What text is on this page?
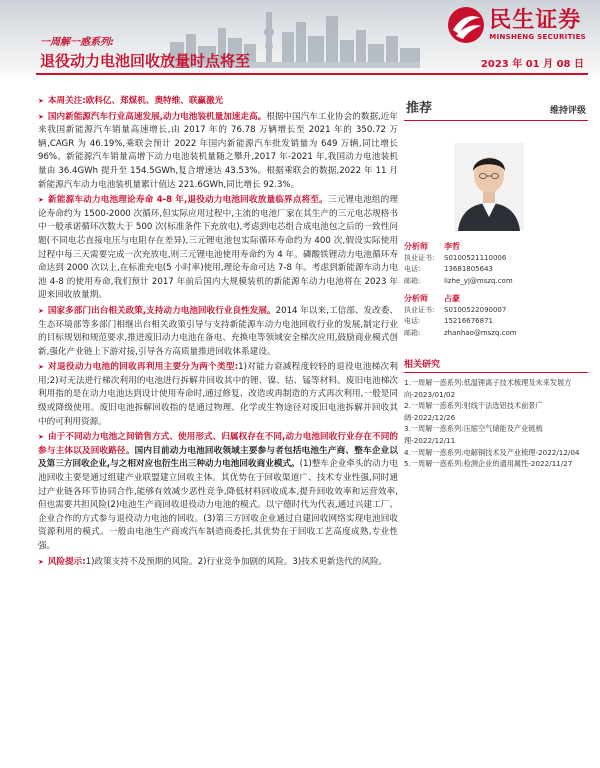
民生证券
MINSHENG SECURITIES
一周解一惑系列:
退役动力电池回收放量时点将至	2023 年 01 月 08 日
➤ 本周关注:欧科亿、郑煤机、奥特维、联赢激光
➤ 国内新能源汽车行业高速发展,动力电池装机量加速走高。根据中国汽车工业协会的数据,近年来我国新能源汽车销量高速增长,由 2017 年的 76.78 万辆增长至 2021 年的 350.72 万辆,CAGR 为 46.19%,乘联会预计 2022 年国内新能源汽车批发销量为 649 万辆,同比增长 96%。新能源汽车销量高增下动力电池装机量随之攀升,2017 年-2021 年,我国动力电池装机量由 36.4GWh 提升至 154.5GWh,复合增速达 43.53%。根据乘联会的数据,2022 年 11 月新能源汽车动力电池装机量累计值达 221.6GWh,同比增长 92.3%。
➤ 新能源车动力电池理论寿命 4-8 年,退役动力电池回收放量临界点将至。三元锂电池组的理论寿命约为 1500-2000 次循环,但实际应用过程中,主流的电池厂家在其生产的三元电芯规格书中一般承诺循环次数大于 500 次(标准条件下充放电),考虑到电芯组合成电池包之后的一致性问题(不同电芯直接电压与电阻存在差异),三元锂电池包实际循环寿命约为 400 次,假设实际使用过程中每三天需要完成一次充放电,则三元锂电池使用寿命约为 4 年。磷酸铁锂动力电池循环寿命达到 2000 次以上,在标准充电(5 小时率)使用,理论寿命可达 7-8 年。考虑到新能源车动力电池 4-8 的使用寿命,我们预计 2017 年前后国内大规模装机的新能源车动力电池将在 2023 年迎来回收放量期。
➤ 国家多部门出台相关政策,支持动力电池回收行业良性发展。2014 年以来,工信部、发改委、生态环境部等多部门相继出台相关政策引导与支持新能源车动力电池回收行业的发展,制定行业的目标规划和规范要求,推进废旧动力电池在备电、充换电等领域安全梯次应用,鼓励商业模式创新,强化产业链上下游对接,引导各方高质量推进回收体系建设。
➤ 对退役动力电池的回收再利用主要分为两个类型:1)对能力衰减程度较轻的退役电池梯次利用;2)对无法进行梯次利用的电池进行拆解并回收其中的锂、镍、钴、锰等材料。废旧电池梯次利用指的是在动力电池达到设计使用寿命时,通过修复、改造或再制造的方式再次利用,一般是同级或降级使用。废旧电池拆解回收指的是通过物理、化学或生物途径对废旧电池拆解并回收其中的可利用资源。
➤ 由于不同动力电池之间销售方式、使用形式、归属权存在不同,动力电池回收行业存在不同的参与主体以及回收路径。国内目前动力电池回收领域主要参与者包括电池生产商、整车企业以及第三方回收企业,与之相对应也衍生出三种动力电池回收商业模式。(1)整车企业牵头的动力电池回收主要是通过组建产业联盟建立回收主体。其优势在于回收渠道广、技术专业性强,同时通过产业链各环节协同合作,能够有效减少恶性竞争,降低材料回收成本,提升回收效率和运营效率,但也需要共担风险(2)电池生产商回收退役动力电池的模式。以宁德时代为代表,通过兴建工厂、企业合作的方式参与退役动力电池的回收。(3)第三方回收企业通过自建回收网络实现电池回收资源利用的模式。一般由电池生产商或汽车制造商委托,其优势在于回收工艺高度成熟,专业性强。
➤ 风险提示:1)政策支持不及预期的风险。2)行业竞争加剧的风险。3)技术更新迭代的风险。
推荐	维持评级
分析师	李哲
执业证书:	S0100521110006
电话:	13681805643
邮箱:	lizhe_yj@mszq.com
分析师	占豪
执业证书:	S0100522090007
电话:	15216676871
邮箱:	zhanhao@mszq.com
相关研究
1.一周解一惑系列:低温锂离子技术梳理及未来发展方向-2023/01/02
2.一周解一惑系列:射线干法选铝技术前景广阔-2022/12/26
3.一周解一惑系列:压缩空气储能及产业链梳理-2022/12/11
4.一周解一惑系列:电解铜技术及产业梳理-2022/12/04
5.一周解一惑系列:检测企业的通用属性-2022/11/27
